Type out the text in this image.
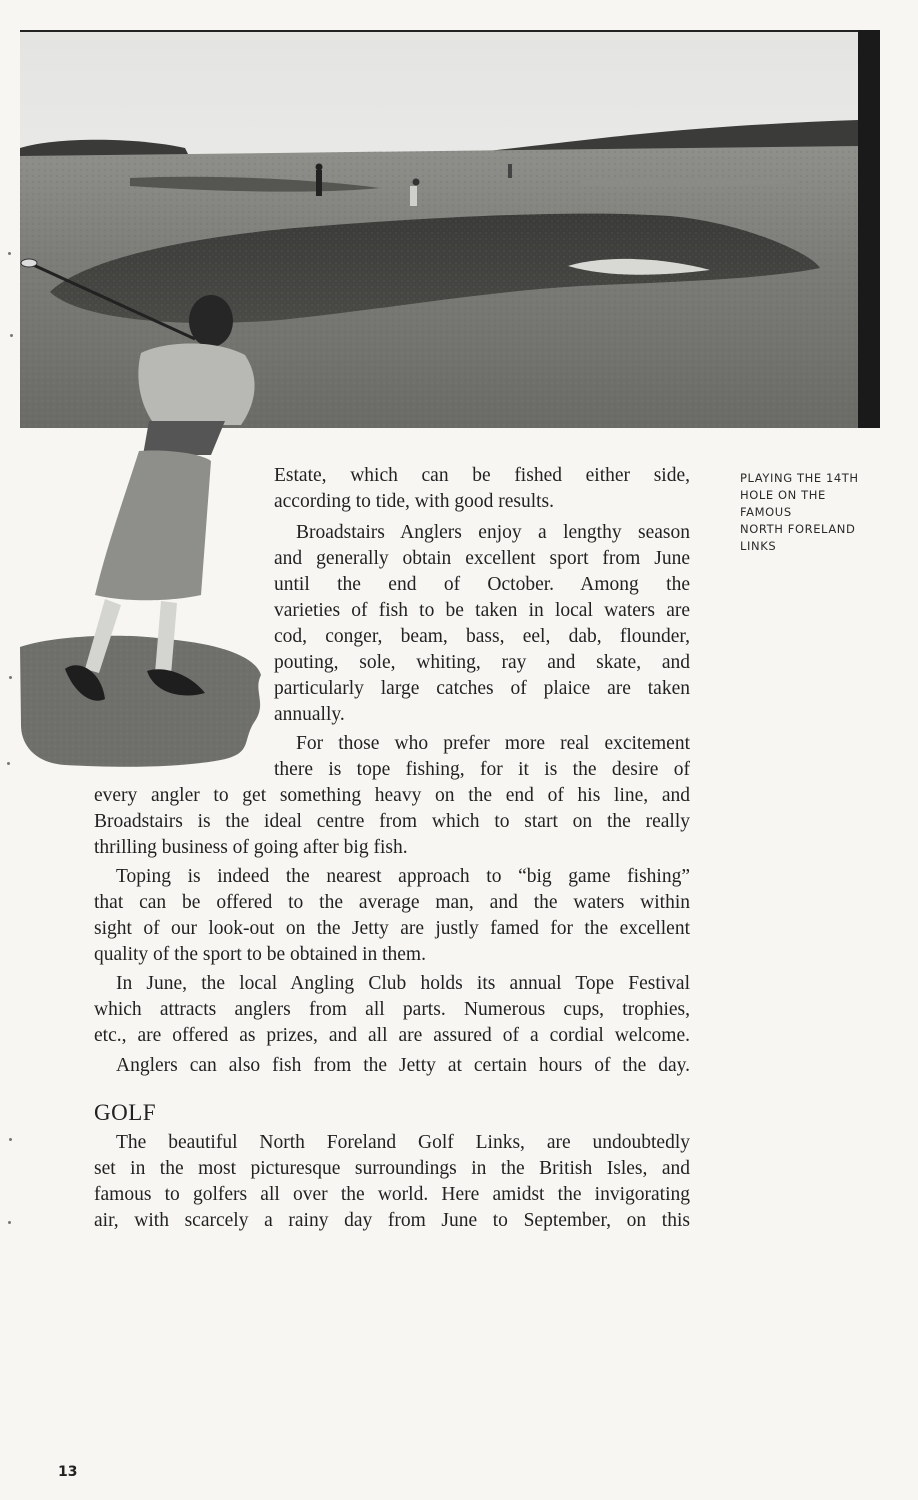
PLAYING THE 14TH
HOLE ON THE
FAMOUS
NORTH FORELAND
LINKS
Estate, which can be fished either side,
according to tide, with good results.
Broadstairs Anglers enjoy a lengthy season
and generally obtain excellent sport from June
until the end of October. Among the
varieties of fish to be taken in local waters are
cod, conger, beam, bass, eel, dab, flounder,
pouting, sole, whiting, ray and skate, and
particularly large catches of plaice are taken
annually.
For those who prefer more real excitement
there is tope fishing, for it is the desire of
every angler to get something heavy on the end of his line, and
Broadstairs is the ideal centre from which to start on the really
thrilling business of going after big fish.
Toping is indeed the nearest approach to “big game fishing”
that can be offered to the average man, and the waters within
sight of our look-out on the Jetty are justly famed for the excellent
quality of the sport to be obtained in them.
In June, the local Angling Club holds its annual Tope Festival
which attracts anglers from all parts. Numerous cups, trophies,
etc., are offered as prizes, and all are assured of a cordial welcome.
Anglers can also fish from the Jetty at certain hours of the day.
GOLF
The beautiful North Foreland Golf Links, are undoubtedly
set in the most picturesque surroundings in the British Isles, and
famous to golfers all over the world. Here amidst the invigorating
air, with scarcely a rainy day from June to September, on this
13
